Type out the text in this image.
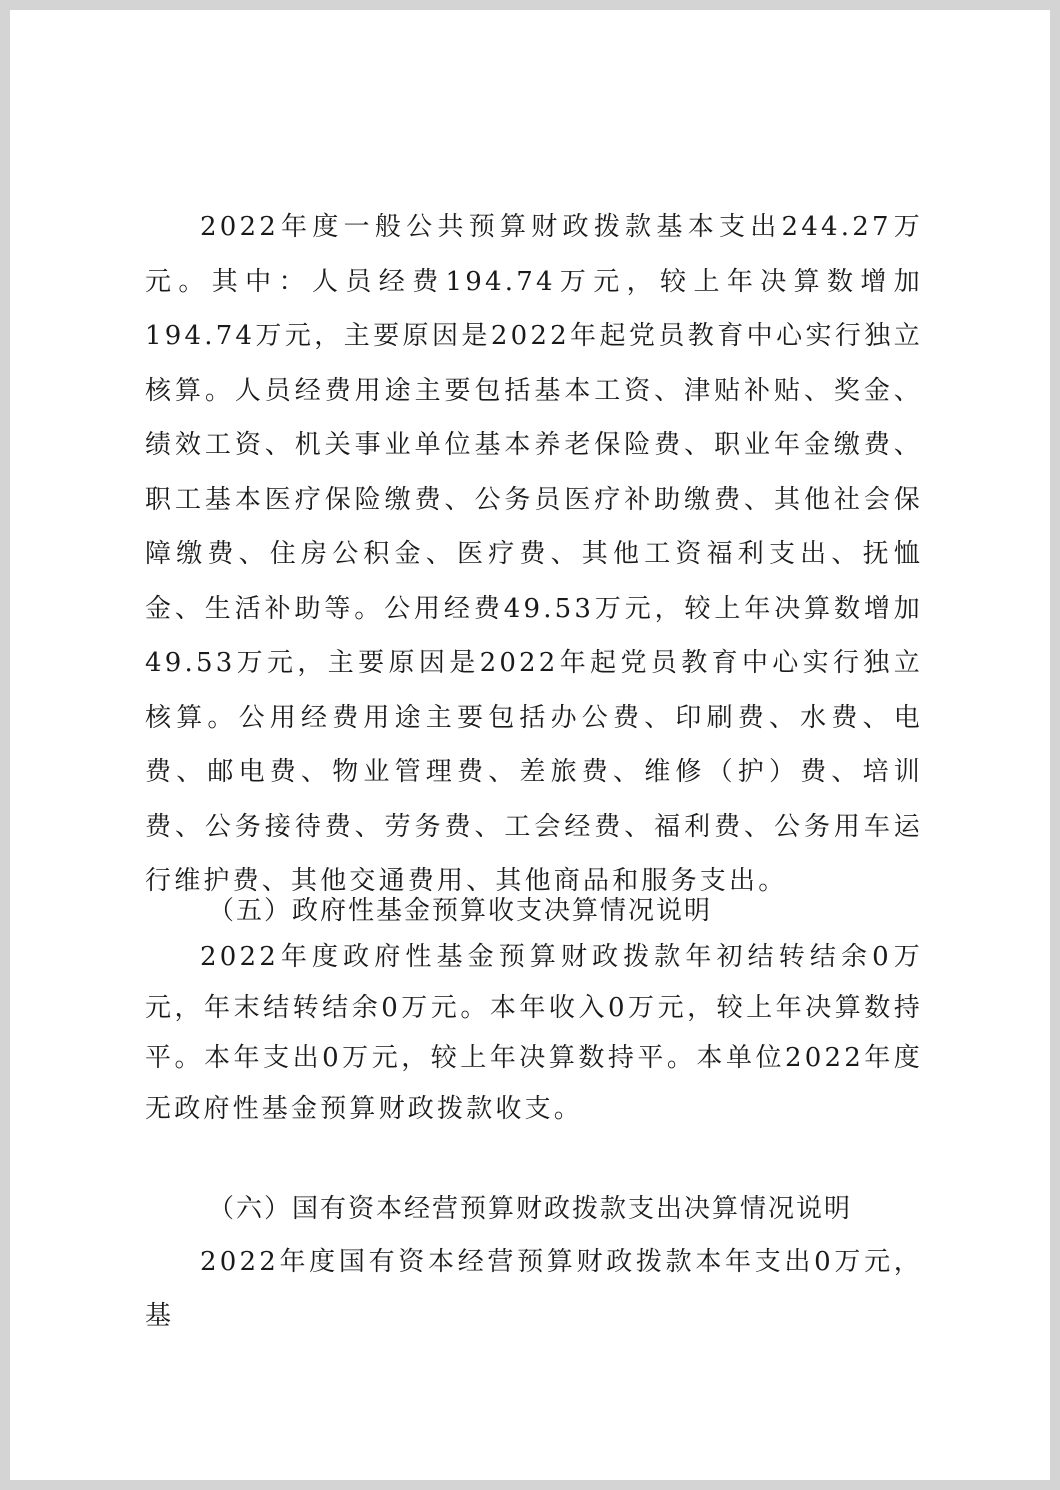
2022年度一般公共预算财政拨款基本支出244.27万元。其中：人员经费194.74万元，较上年决算数增加194.74万元，主要原因是2022年起党员教育中心实行独立核算。人员经费用途主要包括基本工资、津贴补贴、奖金、绩效工资、机关事业单位基本养老保险费、职业年金缴费、职工基本医疗保险缴费、公务员医疗补助缴费、其他社会保障缴费、住房公积金、医疗费、其他工资福利支出、抚恤金、生活补助等。公用经费49.53万元，较上年决算数增加49.53万元，主要原因是2022年起党员教育中心实行独立核算。公用经费用途主要包括办公费、印刷费、水费、电费、邮电费、物业管理费、差旅费、维修（护）费、培训费、公务接待费、劳务费、工会经费、福利费、公务用车运行维护费、其他交通费用、其他商品和服务支出。

（五）政府性基金预算收支决算情况说明

2022年度政府性基金预算财政拨款年初结转结余0万元，年末结转结余0万元。本年收入0万元，较上年决算数持平。本年支出0万元，较上年决算数持平。本单位2022年度无政府性基金预算财政拨款收支。

（六）国有资本经营预算财政拨款支出决算情况说明

2022年度国有资本经营预算财政拨款本年支出0万元，基
